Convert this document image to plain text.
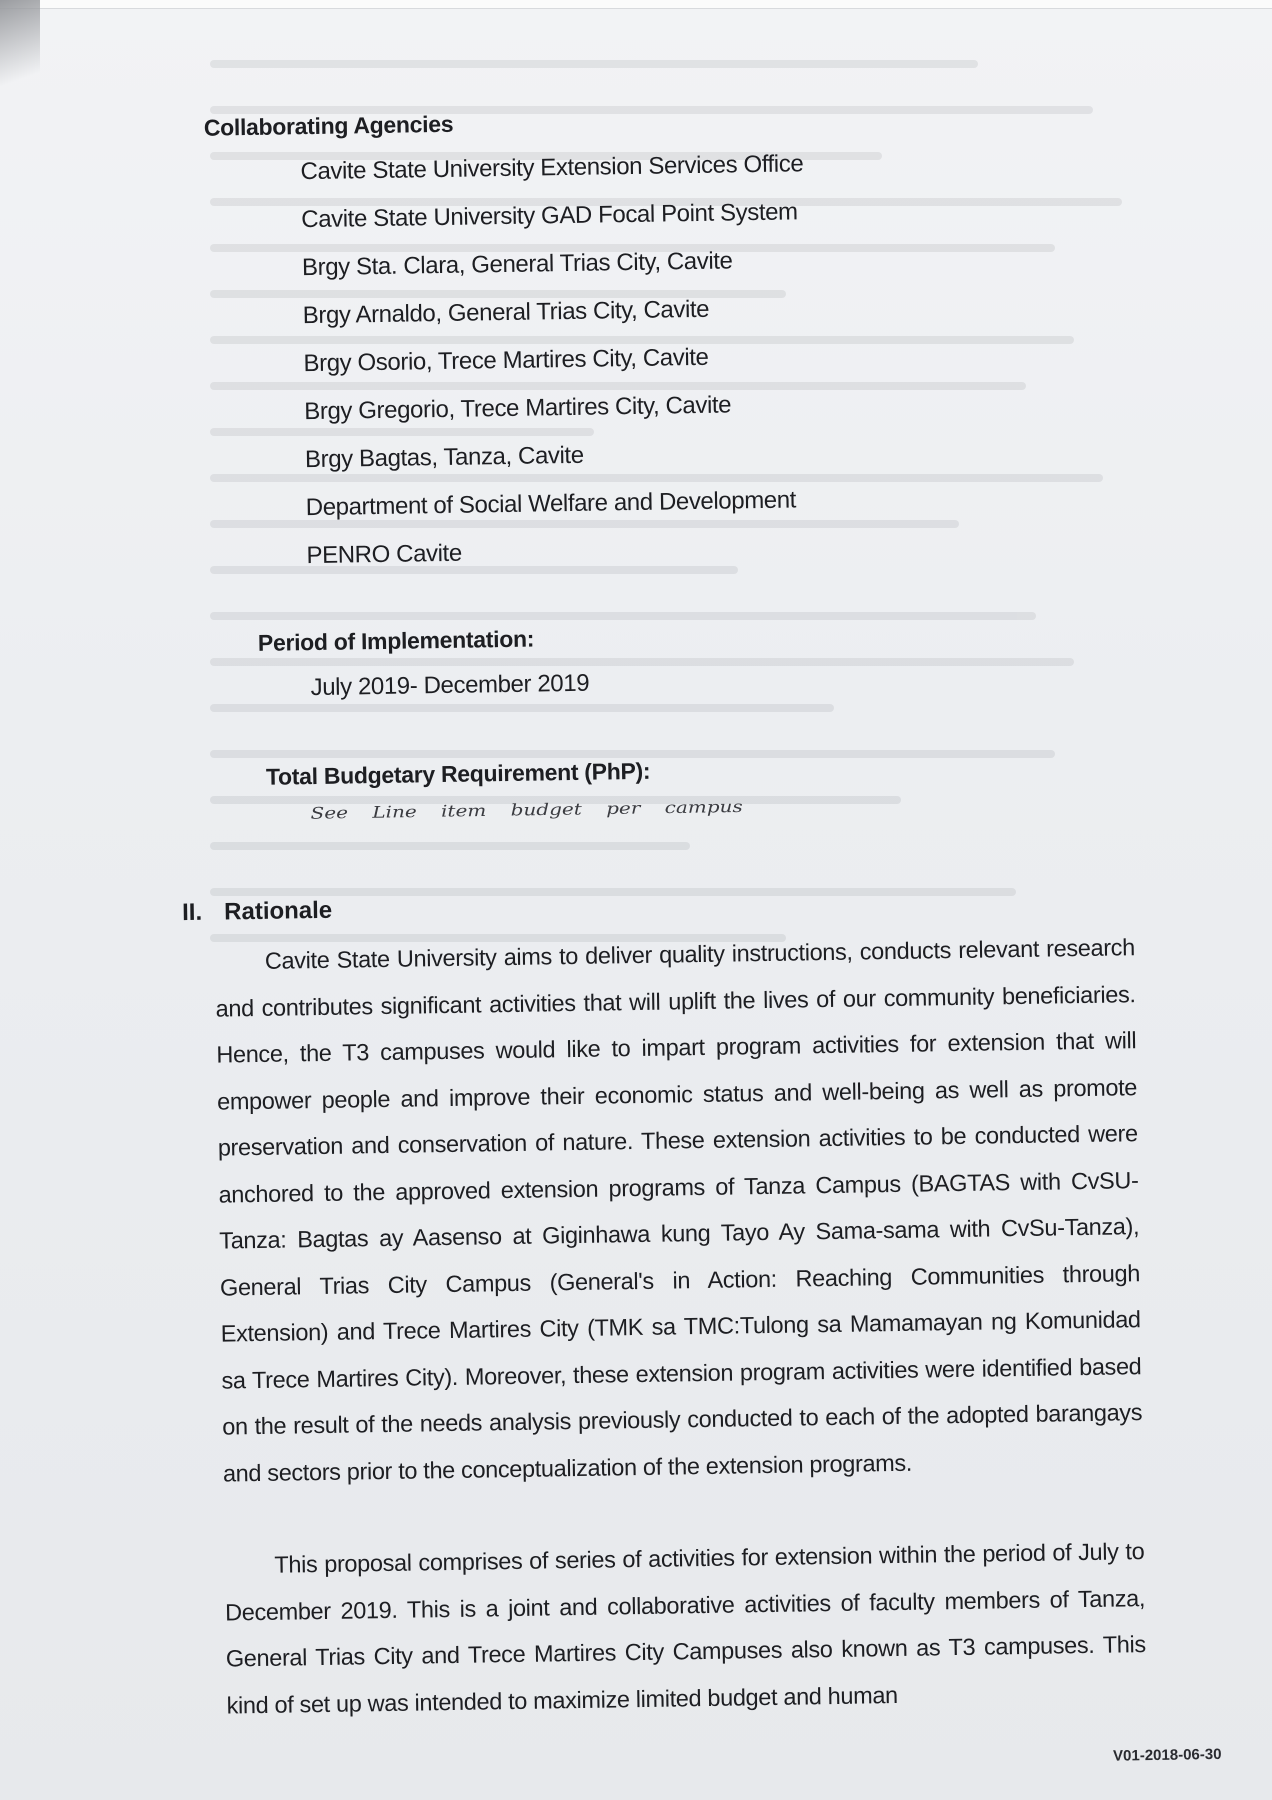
Collaborating Agencies
Cavite State University Extension Services Office
Cavite State University GAD Focal Point System
Brgy Sta. Clara, General Trias City, Cavite
Brgy Arnaldo, General Trias City, Cavite
Brgy Osorio, Trece Martires City, Cavite
Brgy Gregorio, Trece Martires City, Cavite
Brgy Bagtas, Tanza, Cavite
Department of Social Welfare and Development
PENRO Cavite
Period of Implementation:
July 2019- December 2019
Total Budgetary Requirement (PhP):
See Line item budget per campus
II. Rationale
Cavite State University aims to deliver quality instructions, conducts relevant research and contributes significant activities that will uplift the lives of our community beneficiaries. Hence, the T3 campuses would like to impart program activities for extension that will empower people and improve their economic status and well-being as well as promote preservation and conservation of nature. These extension activities to be conducted were anchored to the approved extension programs of Tanza Campus (BAGTAS with CvSU-Tanza: Bagtas ay Aasenso at Giginhawa kung Tayo Ay Sama-sama with CvSu-Tanza), General Trias City Campus (General's in Action: Reaching Communities through Extension) and Trece Martires City (TMK sa TMC:Tulong sa Mamamayan ng Komunidad sa Trece Martires City). Moreover, these extension program activities were identified based on the result of the needs analysis previously conducted to each of the adopted barangays and sectors prior to the conceptualization of the extension programs.
This proposal comprises of series of activities for extension within the period of July to December 2019. This is a joint and collaborative activities of faculty members of Tanza, General Trias City and Trece Martires City Campuses also known as T3 campuses. This kind of set up was intended to maximize limited budget and human
V01-2018-06-30
